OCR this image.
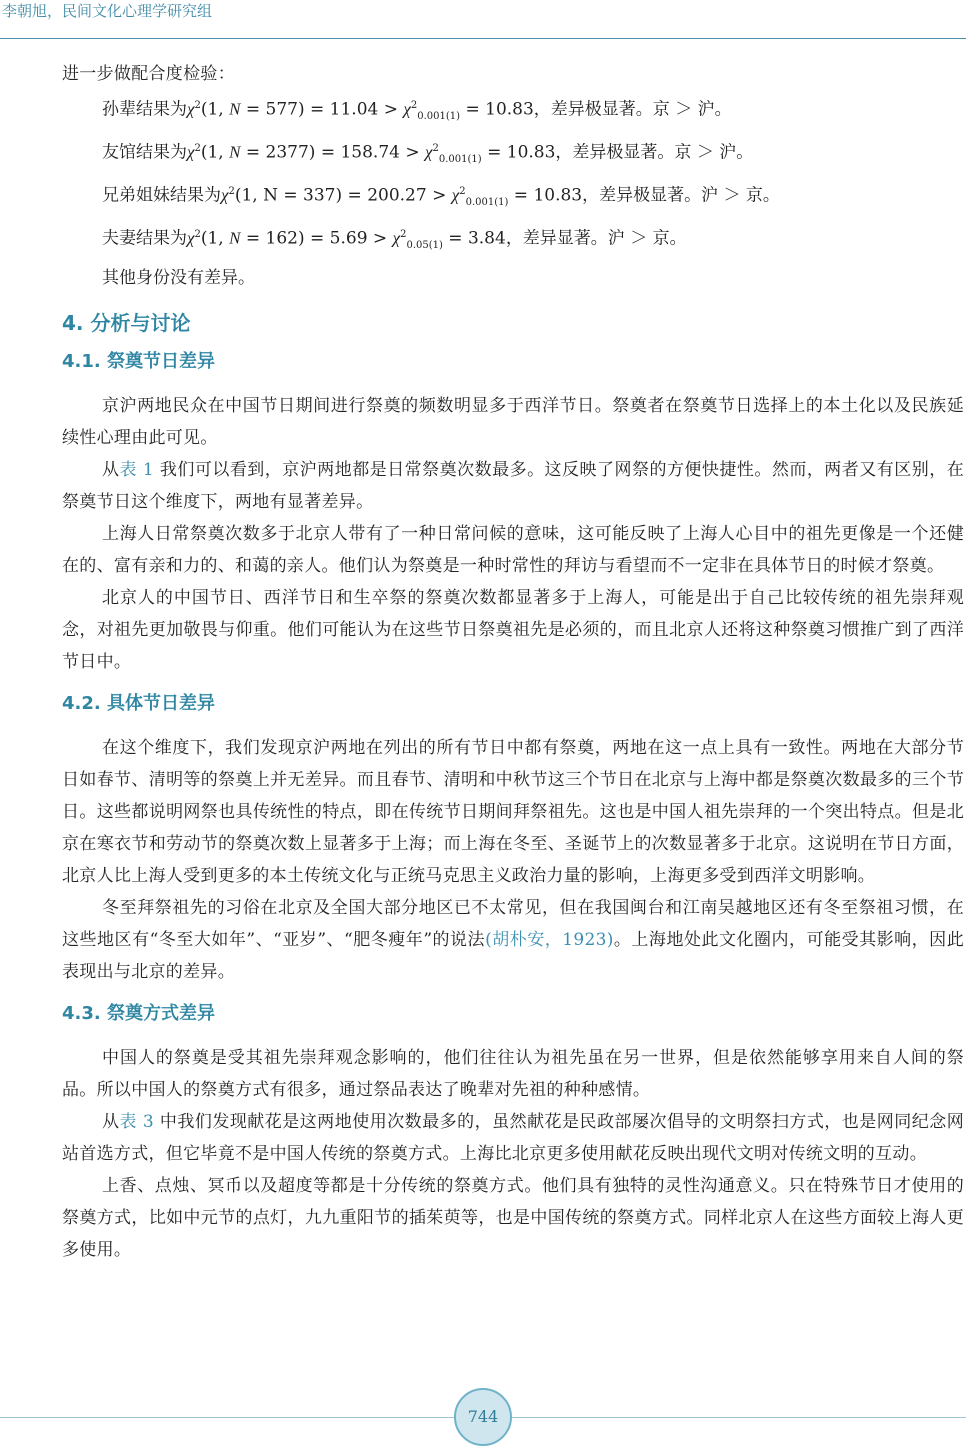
李朝旭，民间文化心理学研究组

进一步做配合度检验：

孙辈结果为$\chi^2(1$, $N = 577) = 11.04 > \chi^2_{0.001(1)} = 10.83$，差异极显著。京 ＞ 沪。

友馆结果为$\chi^2(1$, $N = 2377) = 158.74 > \chi^2_{0.001(1)} = 10.83$，差异极显著。京 ＞ 沪。

兄弟姐妹结果为$\chi^2(1$, $N = 337) = 200.27 > \chi^2_{0.001(1)} = 10.83$，差异极显著。沪 ＞ 京。

夫妻结果为$\chi^2(1$, $N = 162) = 5.69 > \chi^2_{0.05(1)} = 3.84$，差异显著。沪 ＞ 京。

其他身份没有差异。

4. 分析与讨论
4.1. 祭奠节日差异

京沪两地民众在中国节日期间进行祭奠的频数明显多于西洋节日。祭奠者在祭奠节日选择上的本土化以及民族延续性心理由此可见。

从表 1 我们可以看到，京沪两地都是日常祭奠次数最多。这反映了网祭的方便快捷性。然而，两者又有区别，在祭奠节日这个维度下，两地有显著差异。

上海人日常祭奠次数多于北京人带有了一种日常问候的意味，这可能反映了上海人心目中的祖先更像是一个还健在的、富有亲和力的、和蔼的亲人。他们认为祭奠是一种时常性的拜访与看望而不一定非在具体节日的时候才祭奠。

北京人的中国节日、西洋节日和生卒祭的祭奠次数都显著多于上海人，可能是出于自己比较传统的祖先崇拜观念，对祖先更加敬畏与仰重。他们可能认为在这些节日祭奠祖先是必须的，而且北京人还将这种祭奠习惯推广到了西洋节日中。

4.2. 具体节日差异

在这个维度下，我们发现京沪两地在列出的所有节日中都有祭奠，两地在这一点上具有一致性。两地在大部分节日如春节、清明等的祭奠上并无差异。而且春节、清明和中秋节这三个节日在北京与上海中都是祭奠次数最多的三个节日。这些都说明网祭也具传统性的特点，即在传统节日期间拜祭祖先。这也是中国人祖先崇拜的一个突出特点。但是北京在寒衣节和劳动节的祭奠次数上显著多于上海；而上海在冬至、圣诞节上的次数显著多于北京。这说明在节日方面，北京人比上海人受到更多的本土传统文化与正统马克思主义政治力量的影响，上海更多受到西洋文明影响。

冬至拜祭祖先的习俗在北京及全国大部分地区已不太常见，但在我国闽台和江南吴越地区还有冬至祭祖习惯，在这些地区有“冬至大如年”、“亚岁”、“肥冬瘦年”的说法(胡朴安，1923)。上海地处此文化圈内，可能受其影响，因此表现出与北京的差异。

4.3. 祭奠方式差异

中国人的祭奠是受其祖先崇拜观念影响的，他们往往认为祖先虽在另一世界，但是依然能够享用来自人间的祭品。所以中国人的祭奠方式有很多，通过祭品表达了晚辈对先祖的种种感情。

从表 3 中我们发现献花是这两地使用次数最多的，虽然献花是民政部屡次倡导的文明祭扫方式，也是网同纪念网站首选方式，但它毕竟不是中国人传统的祭奠方式。上海比北京更多使用献花反映出现代文明对传统文明的互动。

上香、点烛、冥币以及超度等都是十分传统的祭奠方式。他们具有独特的灵性沟通意义。只在特殊节日才使用的祭奠方式，比如中元节的点灯，九九重阳节的插茱萸等，也是中国传统的祭奠方式。同样北京人在这些方面较上海人更多使用。

744
